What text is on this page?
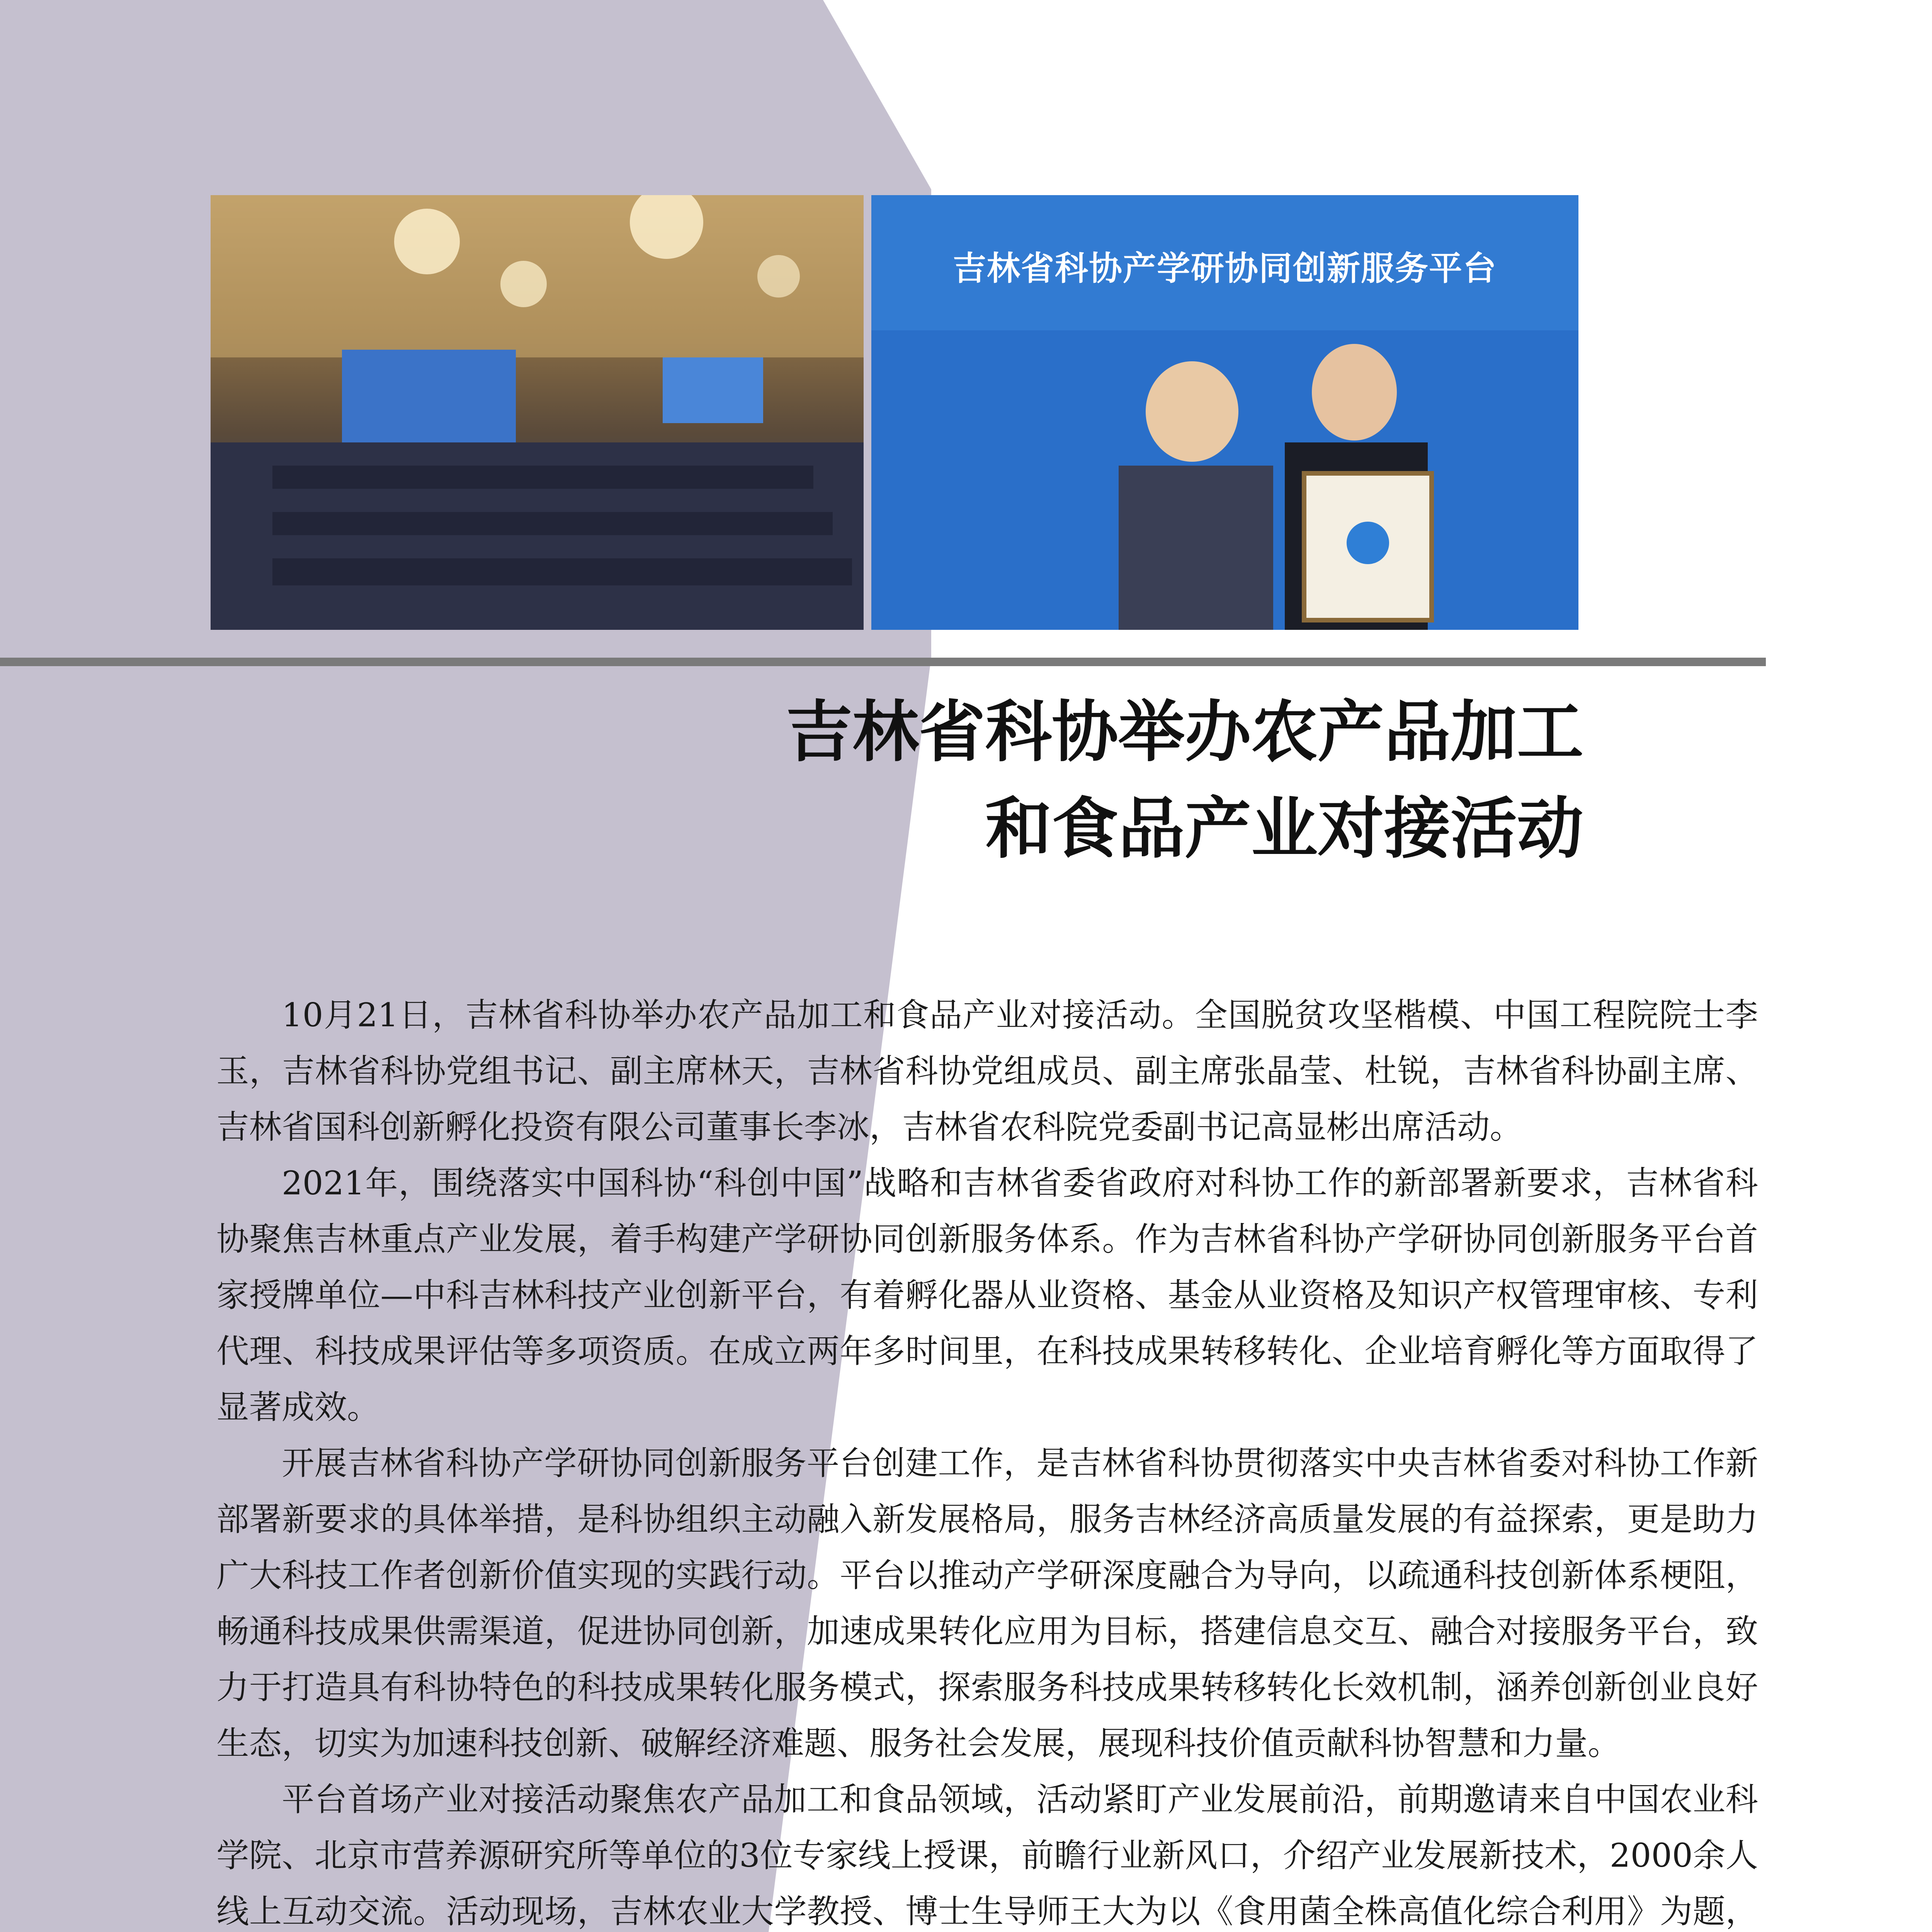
吉林省科协产学研协同创新服务平台
吉林省科协举办农产品加工
和食品产业对接活动

10月21日，吉林省科协举办农产品加工和食品产业对接活动。全国脱贫攻坚楷模、中国工程院院士李玉，吉林省科协党组书记、副主席林天，吉林省科协党组成员、副主席张晶莹、杜锐，吉林省科协副主席、吉林省国科创新孵化投资有限公司董事长李冰，吉林省农科院党委副书记高显彬出席活动。

2021年，围绕落实中国科协“科创中国”战略和吉林省委省政府对科协工作的新部署新要求，吉林省科协聚焦吉林重点产业发展，着手构建产学研协同创新服务体系。作为吉林省科协产学研协同创新服务平台首家授牌单位—中科吉林科技产业创新平台，有着孵化器从业资格、基金从业资格及知识产权管理审核、专利代理、科技成果评估等多项资质。在成立两年多时间里，在科技成果转移转化、企业培育孵化等方面取得了显著成效。

开展吉林省科协产学研协同创新服务平台创建工作，是吉林省科协贯彻落实中央吉林省委对科协工作新部署新要求的具体举措，是科协组织主动融入新发展格局，服务吉林经济高质量发展的有益探索，更是助力广大科技工作者创新价值实现的实践行动。平台以推动产学研深度融合为导向，以疏通科技创新体系梗阻，畅通科技成果供需渠道，促进协同创新，加速成果转化应用为目标，搭建信息交互、融合对接服务平台，致力于打造具有科协特色的科技成果转化服务模式，探索服务科技成果转移转化长效机制，涵养创新创业良好生态，切实为加速科技创新、破解经济难题、服务社会发展，展现科技价值贡献科协智慧和力量。

平台首场产业对接活动聚焦农产品加工和食品领域，活动紧盯产业发展前沿，前期邀请来自中国农业科学院、北京市营养源研究所等单位的3位专家线上授课，前瞻行业新风口，介绍产业发展新技术，2000余人线上互动交流。活动现场，吉林农业大学教授、博士生导师王大为以《食用菌全株高值化综合利用》为题，
